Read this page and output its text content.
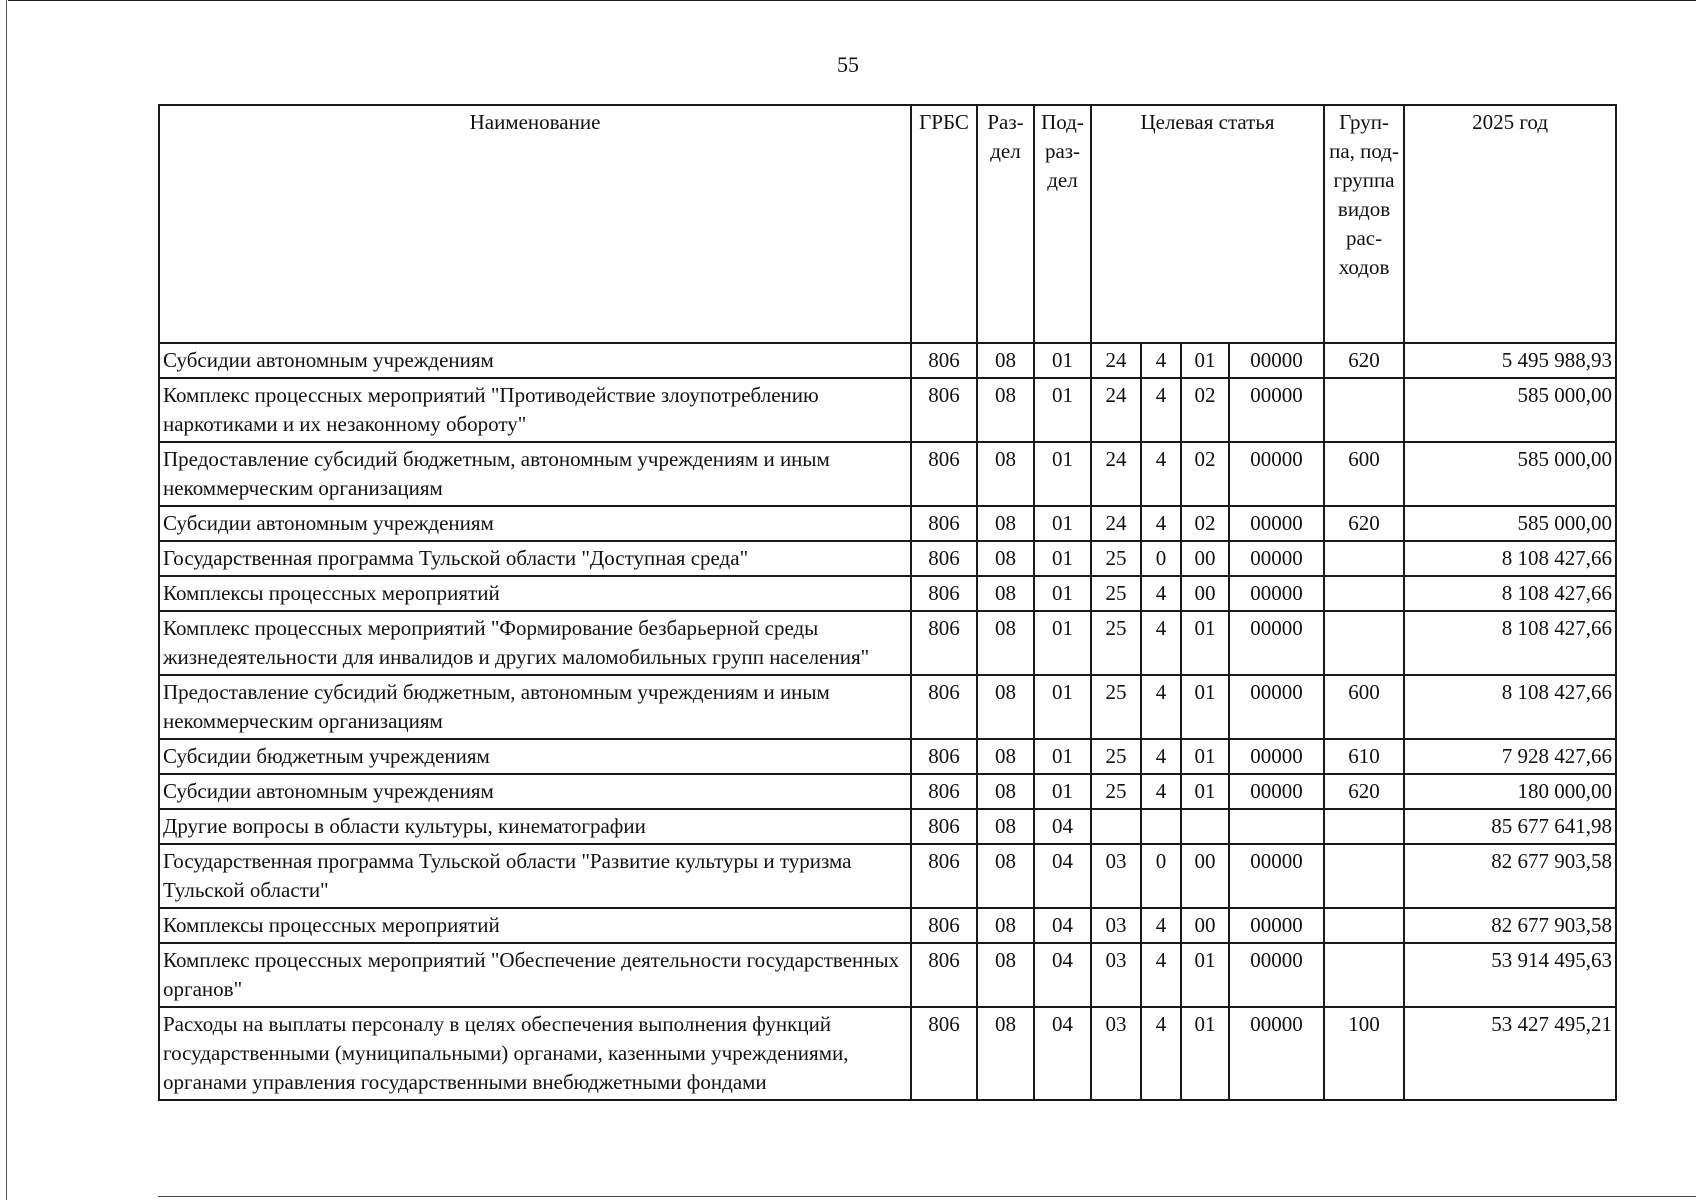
55
Наименование	ГРБС	Раз-дел	Под-раз-дел	Целевая статья				Груп-па, под-группа видов рас-ходов	2025 год
Субсидии автономным учреждениям	806	08	01	24	4	01	00000	620	5 495 988,93
Комплекс процессных мероприятий "Противодействие злоупотреблению наркотиками и их незаконному обороту"	806	08	01	24	4	02	00000		585 000,00
Предоставление субсидий бюджетным, автономным учреждениям и иным некоммерческим организациям	806	08	01	24	4	02	00000	600	585 000,00
Субсидии автономным учреждениям	806	08	01	24	4	02	00000	620	585 000,00
Государственная программа Тульской области "Доступная среда"	806	08	01	25	0	00	00000		8 108 427,66
Комплексы процессных мероприятий	806	08	01	25	4	00	00000		8 108 427,66
Комплекс процессных мероприятий "Формирование безбарьерной среды жизнедеятельности для инвалидов и других маломобильных групп населения"	806	08	01	25	4	01	00000		8 108 427,66
Предоставление субсидий бюджетным, автономным учреждениям и иным некоммерческим организациям	806	08	01	25	4	01	00000	600	8 108 427,66
Субсидии бюджетным учреждениям	806	08	01	25	4	01	00000	610	7 928 427,66
Субсидии автономным учреждениям	806	08	01	25	4	01	00000	620	180 000,00
Другие вопросы в области культуры, кинематографии	806	08	04						85 677 641,98
Государственная программа Тульской области "Развитие культуры и туризма Тульской области"	806	08	04	03	0	00	00000		82 677 903,58
Комплексы процессных мероприятий	806	08	04	03	4	00	00000		82 677 903,58
Комплекс процессных мероприятий "Обеспечение деятельности государственных органов"	806	08	04	03	4	01	00000		53 914 495,63
Расходы на выплаты персоналу в целях обеспечения выполнения функций государственными (муниципальными) органами, казенными учреждениями, органами управления государственными внебюджетными фондами	806	08	04	03	4	01	00000	100	53 427 495,21
